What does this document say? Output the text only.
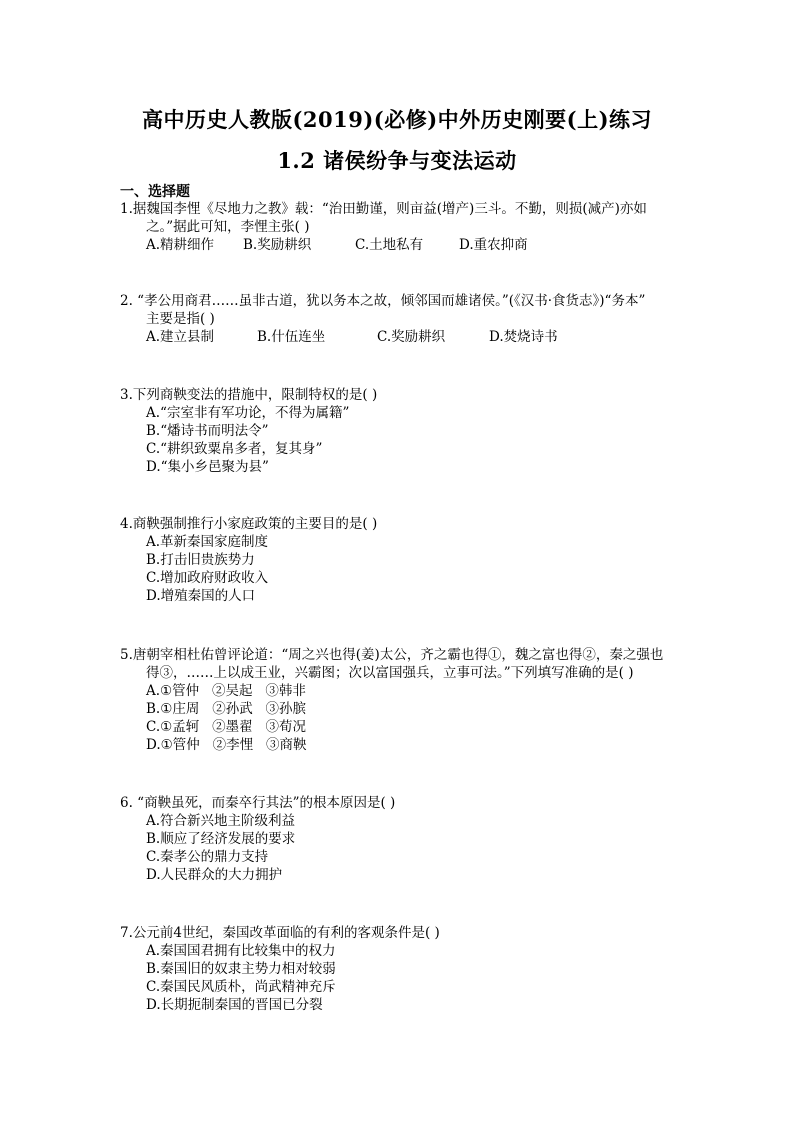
高中历史人教版(2019)(必修)中外历史刚要(上)练习
1.2 诸侯纷争与变法运动
一、选择题
1.据魏国李悝《尽地力之教》载：“治田勤谨，则亩益(增产)三斗。不勤，则损(减产)亦如
之。”据此可知，李悝主张( )
A.精耕细作 B.奖励耕织	C.土地私有	D.重农抑商
2. “孝公用商君……虽非古道，犹以务本之故，倾邻国而雄诸侯。”(《汉书·食货志》)“务本”
主要是指( )
A.建立县制	B.什伍连坐	C.奖励耕织	D.焚烧诗书
3.下列商鞅变法的措施中，限制特权的是( )
A.“宗室非有军功论，不得为属籍”
B.“燔诗书而明法令”
C.“耕织致粟帛多者，复其身”
D.“集小乡邑聚为县”
4.商鞅强制推行小家庭政策的主要目的是( )
A.革新秦国家庭制度
B.打击旧贵族势力
C.增加政府财政收入
D.增殖秦国的人口
5.唐朝宰相杜佑曾评论道：“周之兴也得(姜)太公，齐之霸也得①，魏之富也得②，秦之强也
得③，……上以成王业，兴霸图；次以富国强兵，立事可法。”下列填写准确的是( )
A.①管仲   ②吴起   ③韩非
B.①庄周   ②孙武   ③孙膑
C.①孟轲   ②墨翟   ③荀况
D.①管仲   ②李悝   ③商鞅
6. “商鞅虽死，而秦卒行其法”的根本原因是( )
A.符合新兴地主阶级利益
B.顺应了经济发展的要求
C.秦孝公的鼎力支持
D.人民群众的大力拥护
7.公元前4世纪，秦国改革面临的有利的客观条件是( )
A.秦国国君拥有比较集中的权力
B.秦国旧的奴隶主势力相对较弱
C.秦国民风质朴，尚武精神充斥
D.长期扼制秦国的晋国已分裂
